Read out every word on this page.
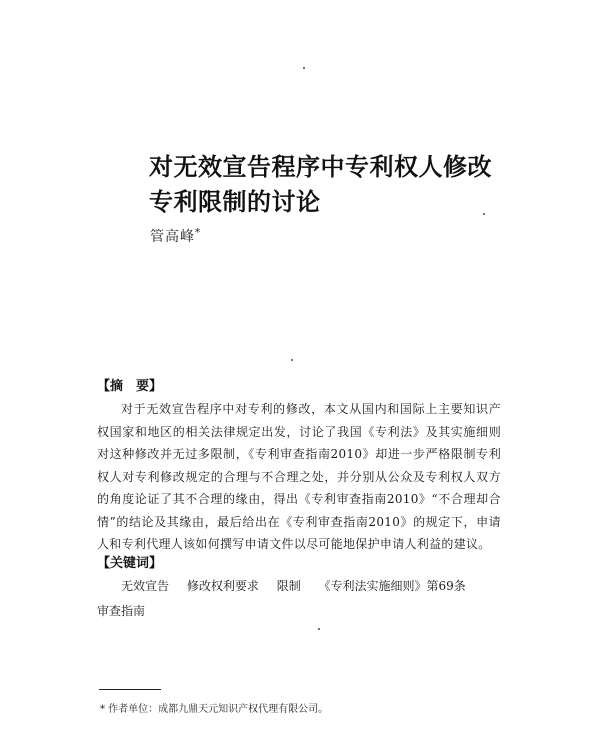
对无效宣告程序中专利权人修改
专利限制的讨论
管高峰*
【摘　要】

对于无效宣告程序中对专利的修改，本文从国内和国际上主要知识产权国家和地区的相关法律规定出发，讨论了我国《专利法》及其实施细则对这种修改并无过多限制，《专利审查指南2010》却进一步严格限制专利权人对专利修改规定的合理与不合理之处，并分别从公众及专利权人双方的角度论证了其不合理的缘由，得出《专利审查指南2010》“不合理却合情”的结论及其缘由，最后给出在《专利审查指南2010》的规定下，申请人和专利代理人该如何撰写申请文件以尽可能地保护申请人利益的建议。

【关键词】

无效宣告 修改权利要求 限制 《专利法实施细则》第69条 审查指南

* 作者单位：成都九鼎天元知识产权代理有限公司。
